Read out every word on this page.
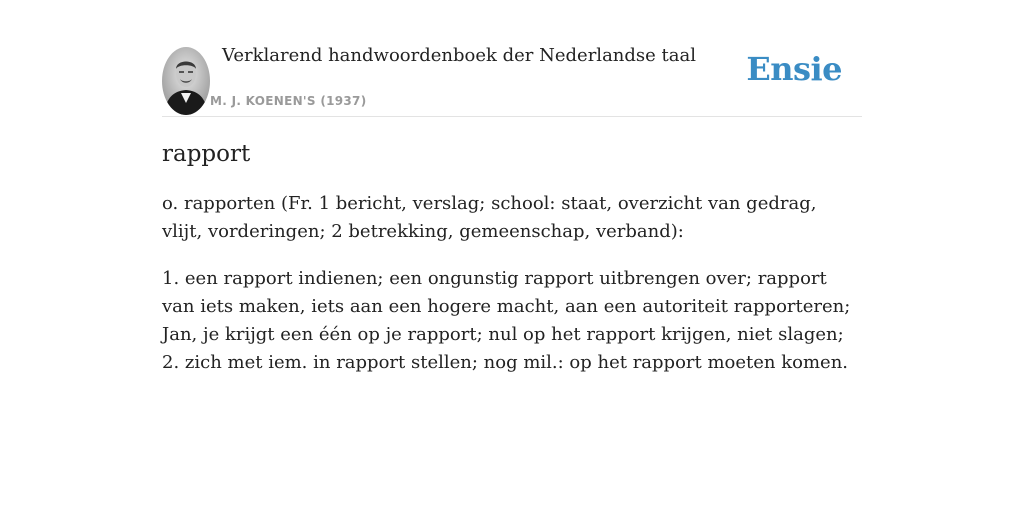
Verklarend handwoordenboek der Nederlandse taal
M. J. KOENEN'S (1937)
Ensie
rapport

o. rapporten (Fr. 1 bericht, verslag; school: staat, overzicht van gedrag, vlijt, vorderingen; 2 betrekking, gemeenschap, verband):

1. een rapport indienen; een ongunstig rapport uitbrengen over; rapport van iets maken, iets aan een hogere macht, aan een autoriteit rapporteren; Jan, je krijgt een één op je rapport; nul op het rapport krijgen, niet slagen;
2. zich met iem. in rapport stellen; nog mil.: op het rapport moeten komen.
